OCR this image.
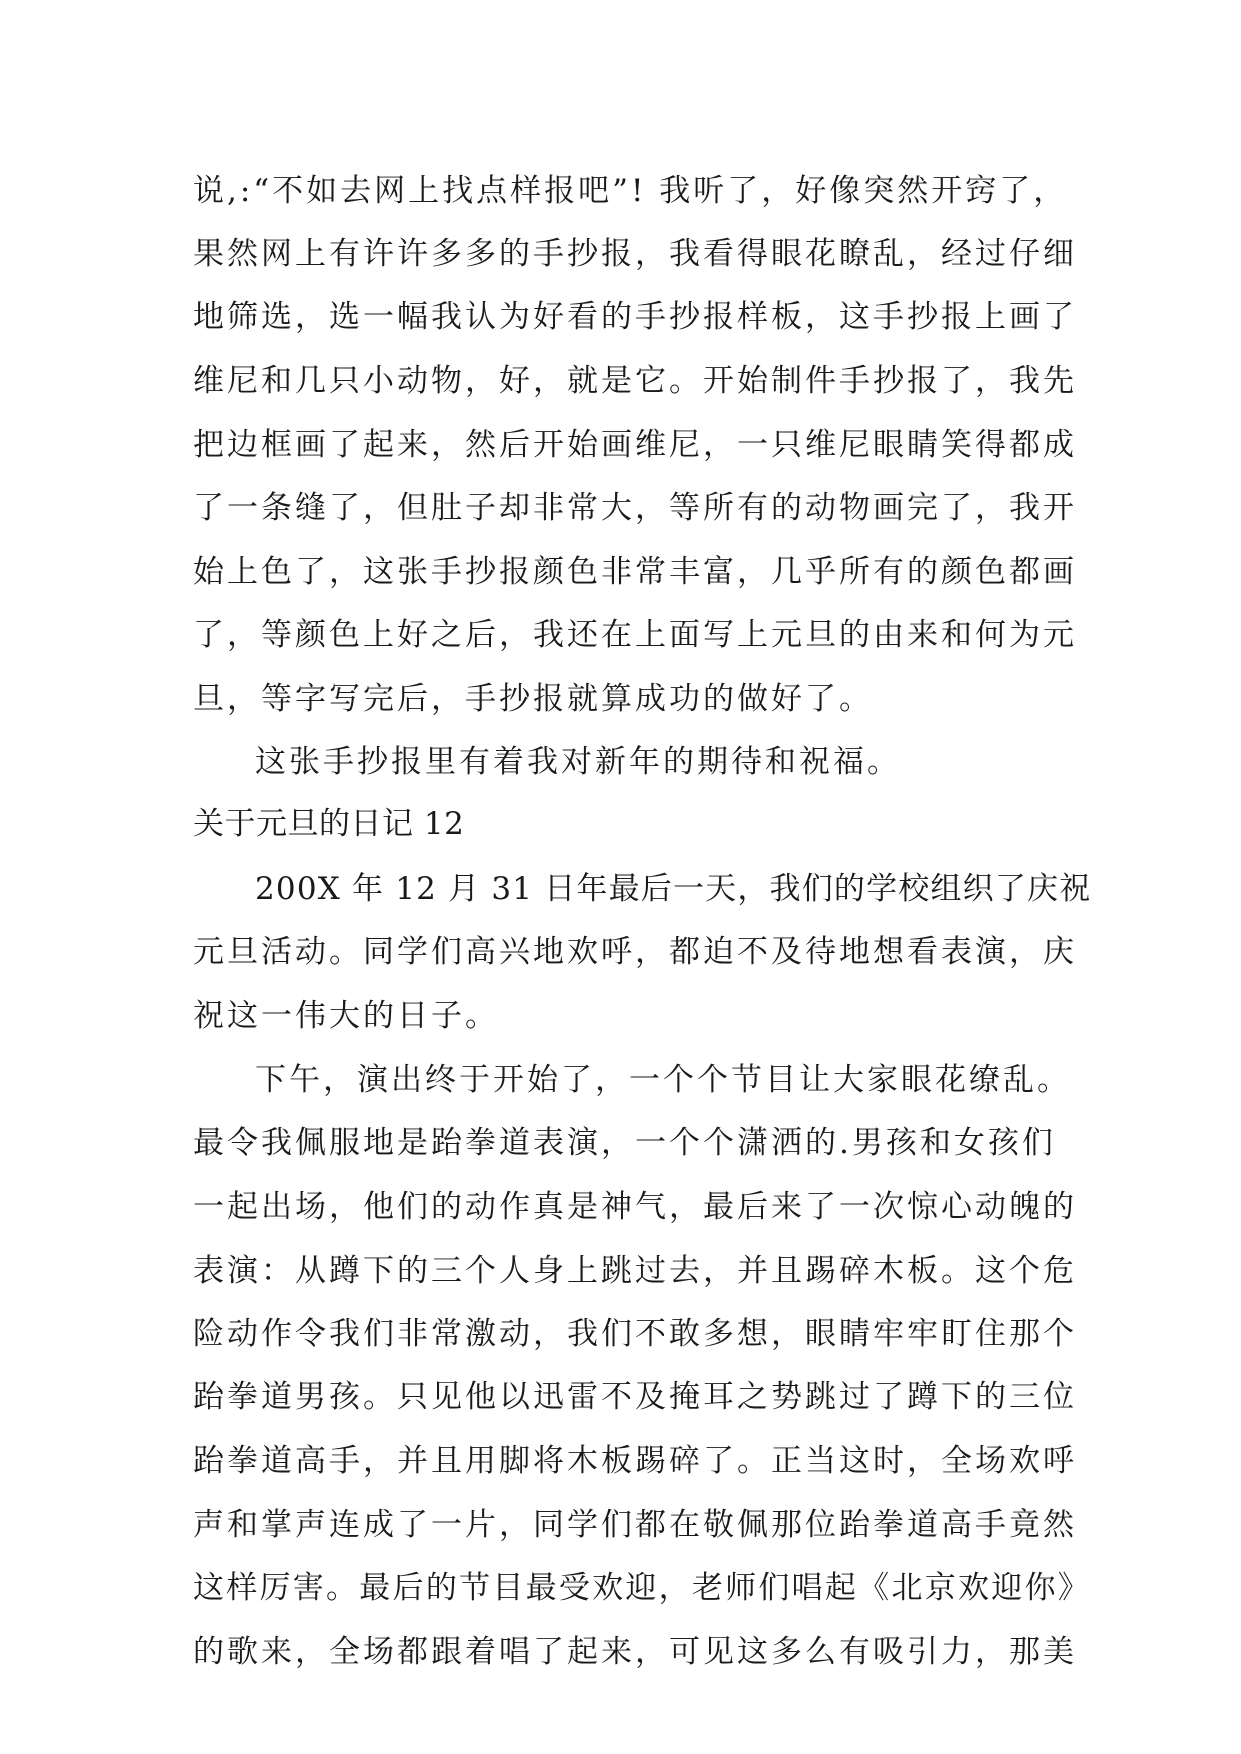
说,:“不如去网上找点样报吧”! 我听了，好像突然开窍了，
果然网上有许许多多的手抄报，我看得眼花瞭乱，经过仔细
地筛选，选一幅我认为好看的手抄报样板，这手抄报上画了
维尼和几只小动物，好，就是它。开始制件手抄报了，我先
把边框画了起来，然后开始画维尼，一只维尼眼睛笑得都成
了一条缝了，但肚子却非常大，等所有的动物画完了，我开
始上色了，这张手抄报颜色非常丰富，几乎所有的颜色都画
了，等颜色上好之后，我还在上面写上元旦的由来和何为元
旦，等字写完后，手抄报就算成功的做好了。
这张手抄报里有着我对新年的期待和祝福。
关于元旦的日记 12
200X 年 12 月 31 日年最后一天，我们的学校组织了庆祝
元旦活动。同学们高兴地欢呼，都迫不及待地想看表演，庆
祝这一伟大的日子。
下午，演出终于开始了，一个个节目让大家眼花缭乱。
最令我佩服地是跆拳道表演，一个个潇洒的.男孩和女孩们
一起出场，他们的动作真是神气，最后来了一次惊心动魄的
表演：从蹲下的三个人身上跳过去，并且踢碎木板。这个危
险动作令我们非常激动，我们不敢多想，眼睛牢牢盯住那个
跆拳道男孩。只见他以迅雷不及掩耳之势跳过了蹲下的三位
跆拳道高手，并且用脚将木板踢碎了。正当这时，全场欢呼
声和掌声连成了一片，同学们都在敬佩那位跆拳道高手竟然
这样厉害。最后的节目最受欢迎，老师们唱起《北京欢迎你》
的歌来，全场都跟着唱了起来，可见这多么有吸引力，那美
